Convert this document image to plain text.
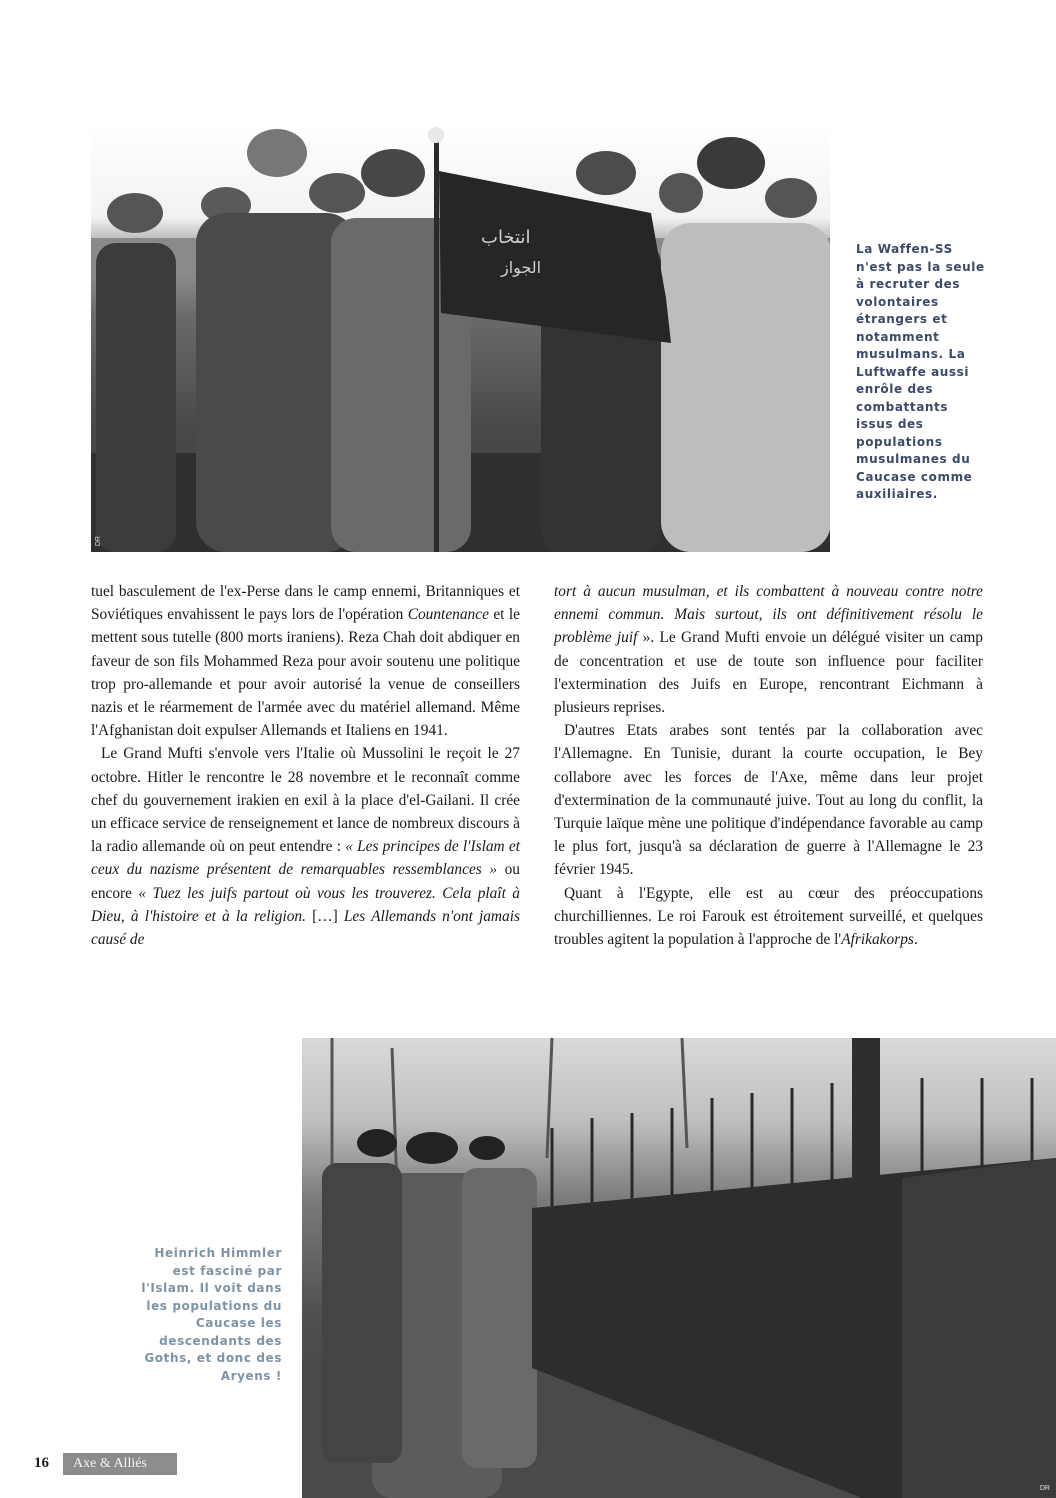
ﺍﻧﺘﺨﺎﺏ
ﺍﻟﺠﻮﺍﺯ
DR
La Waffen-SS n'est pas la seule à recruter des volontaires étrangers et notamment musulmans. La Luftwaffe aussi enrôle des combattants issus des populations musulmanes du Caucase comme auxiliaires.

tuel basculement de l'ex-Perse dans le camp ennemi, Britanniques et Soviétiques envahissent le pays lors de l'opération Countenance et le mettent sous tutelle (800 morts iraniens). Reza Chah doit abdiquer en faveur de son fils Mohammed Reza pour avoir soutenu une politique trop pro-allemande et pour avoir autorisé la venue de conseillers nazis et le réarmement de l'armée avec du matériel allemand. Même l'Afghanistan doit expulser Allemands et Italiens en 1941.

Le Grand Mufti s'envole vers l'Italie où Mussolini le reçoit le 27 octobre. Hitler le rencontre le 28 novembre et le reconnaît comme chef du gouvernement irakien en exil à la place d'el-Gailani. Il crée un efficace service de renseignement et lance de nombreux discours à la radio allemande où on peut entendre : « Les principes de l'Islam et ceux du nazisme présentent de remarquables ressemblances » ou encore « Tuez les juifs partout où vous les trouverez. Cela plaît à Dieu, à l'histoire et à la religion. […] Les Allemands n'ont jamais causé de

tort à aucun musulman, et ils combattent à nouveau contre notre ennemi commun. Mais surtout, ils ont définitivement résolu le problème juif ». Le Grand Mufti envoie un délégué visiter un camp de concentration et use de toute son influence pour faciliter l'extermination des Juifs en Europe, rencontrant Eichmann à plusieurs reprises.

D'autres Etats arabes sont tentés par la collaboration avec l'Allemagne. En Tunisie, durant la courte occupation, le Bey collabore avec les forces de l'Axe, même dans leur projet d'extermination de la communauté juive. Tout au long du conflit, la Turquie laïque mène une politique d'indépendance favorable au camp le plus fort, jusqu'à sa déclaration de guerre à l'Allemagne le 23 février 1945.

Quant à l'Egypte, elle est au cœur des préoccupations churchilliennes. Le roi Farouk est étroitement surveillé, et quelques troubles agitent la population à l'approche de l'Afrikakorps.

DR
Heinrich Himmler est fasciné par l'Islam. Il voit dans les populations du Caucase les descendants des Goths, et donc des Aryens !
16	Axe & Alliés
